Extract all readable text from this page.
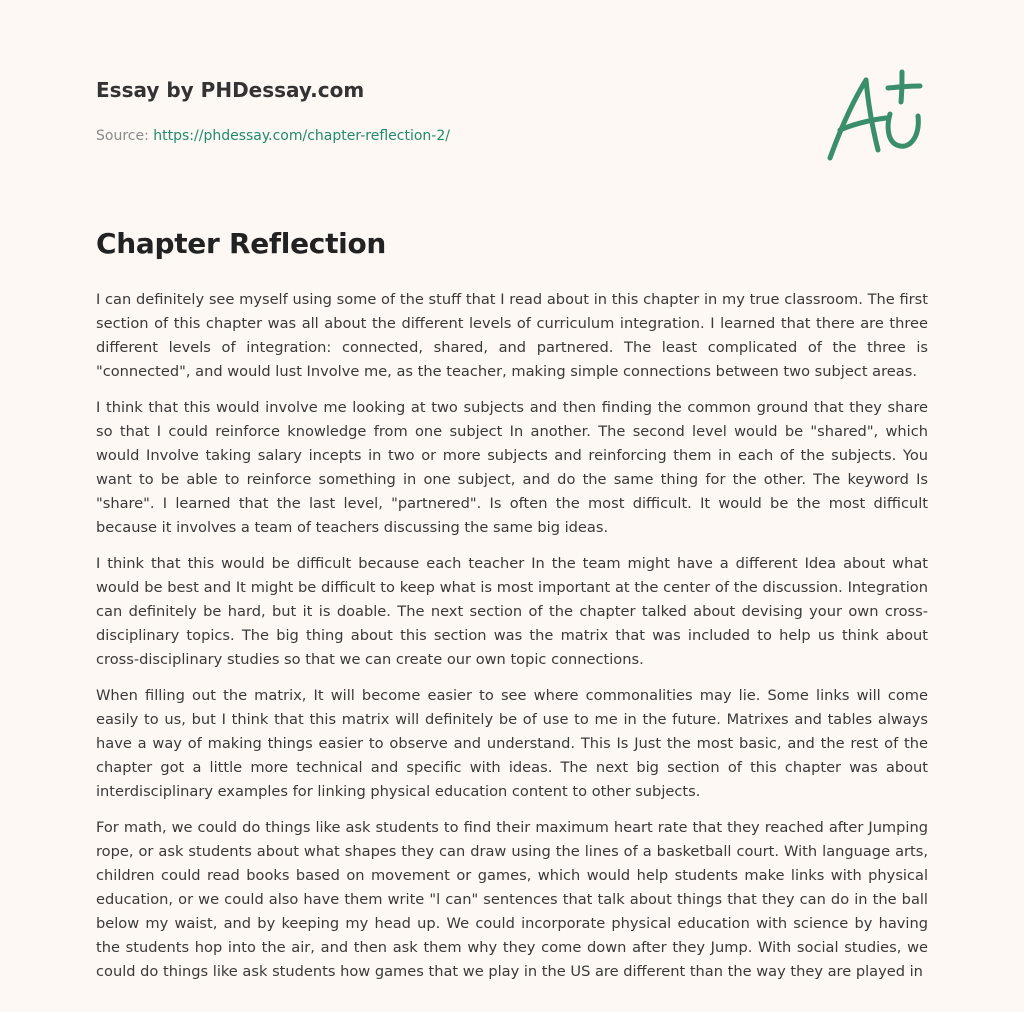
Essay by PHDessay.com

Source: https://phdessay.com/chapter-reflection-2/
Chapter Reflection

I can definitely see myself using some of the stuff that I read about in this chapter in my true classroom. The first section of this chapter was all about the different levels of curriculum integration. I learned that there are three different levels of integration: connected, shared, and partnered. The least complicated of the three is "connected", and would lust Involve me, as the teacher, making simple connections between two subject areas.

I think that this would involve me looking at two subjects and then finding the common ground that they share so that I could reinforce knowledge from one subject In another. The second level would be "shared", which would Involve taking salary incepts in two or more subjects and reinforcing them in each of the subjects. You want to be able to reinforce something in one subject, and do the same thing for the other. The keyword Is "share". I learned that the last level, "partnered". Is often the most difficult. It would be the most difficult because it involves a team of teachers discussing the same big ideas.

I think that this would be difficult because each teacher In the team might have a different Idea about what would be best and It might be difficult to keep what is most important at the center of the discussion. Integration can definitely be hard, but it is doable. The next section of the chapter talked about devising your own cross-disciplinary topics. The big thing about this section was the matrix that was included to help us think about cross-disciplinary studies so that we can create our own topic connections.

When filling out the matrix, It will become easier to see where commonalities may lie. Some links will come easily to us, but I think that this matrix will definitely be of use to me in the future. Matrixes and tables always have a way of making things easier to observe and understand. This Is Just the most basic, and the rest of the chapter got a little more technical and specific with ideas. The next big section of this chapter was about interdisciplinary examples for linking physical education content to other subjects.

For math, we could do things like ask students to find their maximum heart rate that they reached after Jumping rope, or ask students about what shapes they can draw using the lines of a basketball court. With language arts, children could read books based on movement or games, which would help students make links with physical education, or we could also have them write "l can" sentences that talk about things that they can do in the ball below my waist, and by keeping my head up. We could incorporate physical education with science by having the students hop into the air, and then ask them why they come down after they Jump. With social studies, we could do things like ask students how games that we play in the US are different than the way they are played in
